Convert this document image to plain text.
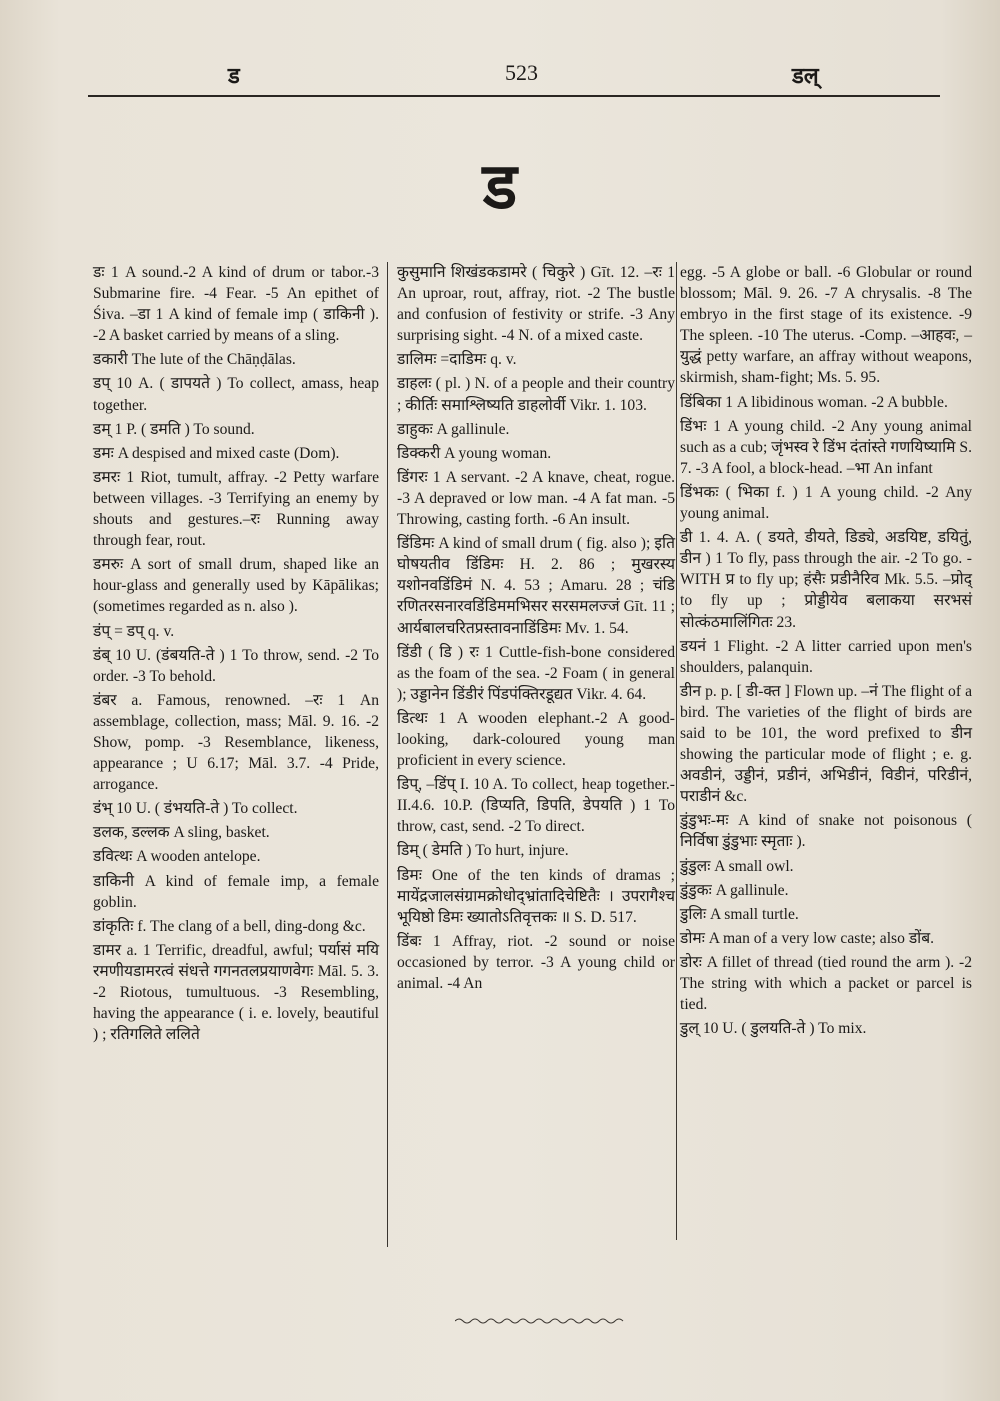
ड	523	डल्
ड

डः 1 A sound.-2 A kind of drum or tabor.-3 Submarine fire. -4 Fear. -5 An epithet of Śiva. –डा 1 A kind of female imp ( डाकिनी ). -2 A basket carried by means of a sling.

डकारी The lute of the Chāṇḍālas.

डप् 10 A. ( डापयते ) To collect, amass, heap together.

डम् 1 P. ( डमति ) To sound.

डमः A despised and mixed caste (Dom).

डमरः 1 Riot, tumult, affray. -2 Petty warfare between villages. -3 Terrifying an enemy by shouts and gestures.–रः Running away through fear, rout.

डमरुः A sort of small drum, shaped like an hour-glass and generally used by Kāpālikas; (sometimes regarded as n. also ).

डंप् = डप् q. v.

डंब् 10 U. (डंबयति-ते ) 1 To throw, send. -2 To order. -3 To behold.

डंबर a. Famous, renowned. –रः 1 An assemblage, collection, mass; Māl. 9. 16. -2 Show, pomp. -3 Resemblance, likeness, appearance ; U 6.17; Māl. 3.7. -4 Pride, arrogance.

डंभ् 10 U. ( डंभयति-ते ) To collect.

डलक, डल्लक A sling, basket.

डवित्थः A wooden antelope.

डाकिनी A kind of female imp, a female goblin.

डांकृतिः f. The clang of a bell, ding-dong &c.

डामर a. 1 Terrific, dreadful, awful; पर्यासं मयि रमणीयडामरत्वं संधत्ते गगनतलप्रयाणवेगः Māl. 5. 3. -2 Riotous, tumultuous. -3 Resembling, having the appearance ( i. e. lovely, beautiful ) ; रतिगलिते ललिते

कुसुमानि शिखंडकडामरे ( चिकुरे ) Gīt. 12. –रः 1 An uproar, rout, affray, riot. -2 The bustle and confusion of festivity or strife. -3 Any surprising sight. -4 N. of a mixed caste.

डालिमः =दाडिमः q. v.

डाहलः ( pl. ) N. of a people and their country ; कीर्तिः समाश्लिष्यति डाहलोर्वी Vikr. 1. 103.

डाहुकः A gallinule.

डिक्करी A young woman.

डिंगरः 1 A servant. -2 A knave, cheat, rogue. -3 A depraved or low man. -4 A fat man. -5 Throwing, casting forth. -6 An insult.

डिंडिमः A kind of small drum ( fig. also ); इति घोषयतीव डिंडिमः H. 2. 86 ; मुखरस्य यशोनवडिंडिमं N. 4. 53 ; Amaru. 28 ; चंडि रणितरसनारवडिंडिममभिसर सरसमलज्जं Gīt. 11 ; आर्यबालचरितप्रस्तावनाडिंडिमः Mv. 1. 54.

डिंडी ( डि ) रः 1 Cuttle-fish-bone considered as the foam of the sea. -2 Foam ( in general ); उड्डानेन डिंडीरं पिंडपंक्तिरडूद्यत Vikr. 4. 64.

डित्थः 1 A wooden elephant.-2 A good-looking, dark-coloured young man proficient in every science.

डिप्, –डिंप् I. 10 A. To collect, heap together.-II.4.6. 10.P. (डिप्यति, डिपति, डेपयति ) 1 To throw, cast, send. -2 To direct.

डिम् ( डेमति ) To hurt, injure.

डिमः One of the ten kinds of dramas ; मायेंद्रजालसंग्रामक्रोधोद्भ्रांतादिचेष्टितैः । उपरागैश्च भूयिष्ठो डिमः ख्यातोऽतिवृत्तकः ॥ S. D. 517.

डिंबः 1 Affray, riot. -2 sound or noise occasioned by terror. -3 A young child or animal. -4 An

egg. -5 A globe or ball. -6 Globular or round blossom; Māl. 9. 26. -7 A chrysalis. -8 The embryo in the first stage of its existence. -9 The spleen. -10 The uterus. -Comp. –आहवः, –युद्धं petty warfare, an affray without weapons, skirmish, sham-fight; Ms. 5. 95.

डिंबिका 1 A libidinous woman. -2 A bubble.

डिंभः 1 A young child. -2 Any young animal such as a cub; जृंभस्व रे डिंभ दंतांस्ते गणयिष्यामि S. 7. -3 A fool, a block-head. –भा An infant

डिंभकः ( भिका f. ) 1 A young child. -2 Any young animal.

डी 1. 4. A. ( डयते, डीयते, डिड्ये, अडयिष्ट, डयितुं, डीन ) 1 To fly, pass through the air. -2 To go. -WITH प्र to fly up; हंसैः प्रडीनैरिव Mk. 5.5. –प्रोद् to fly up ; प्रोड्डीयेव बलाकया सरभसं सोत्कंठमालिंगितः 23.

डयनं 1 Flight. -2 A litter carried upon men's shoulders, palanquin.

डीन p. p. [ डी-क्त ] Flown up. –नं The flight of a bird. The varieties of the flight of birds are said to be 101, the word prefixed to डीन showing the particular mode of flight ; e. g. अवडीनं, उड्डीनं, प्रडीनं, अभिडीनं, विडीनं, परिडीनं, पराडीनं &c.

डुंडुभः-मः A kind of snake not poisonous ( निर्विषा डुंडुभाः स्मृताः ).

डुंडुलः A small owl.

डुंडुकः A gallinule.

डुलिः A small turtle.

डोमः A man of a very low caste; also डोंब.

डोरः A fillet of thread (tied round the arm ). -2 The string with which a packet or parcel is tied.

डुल् 10 U. ( डुलयति-ते ) To mix.
